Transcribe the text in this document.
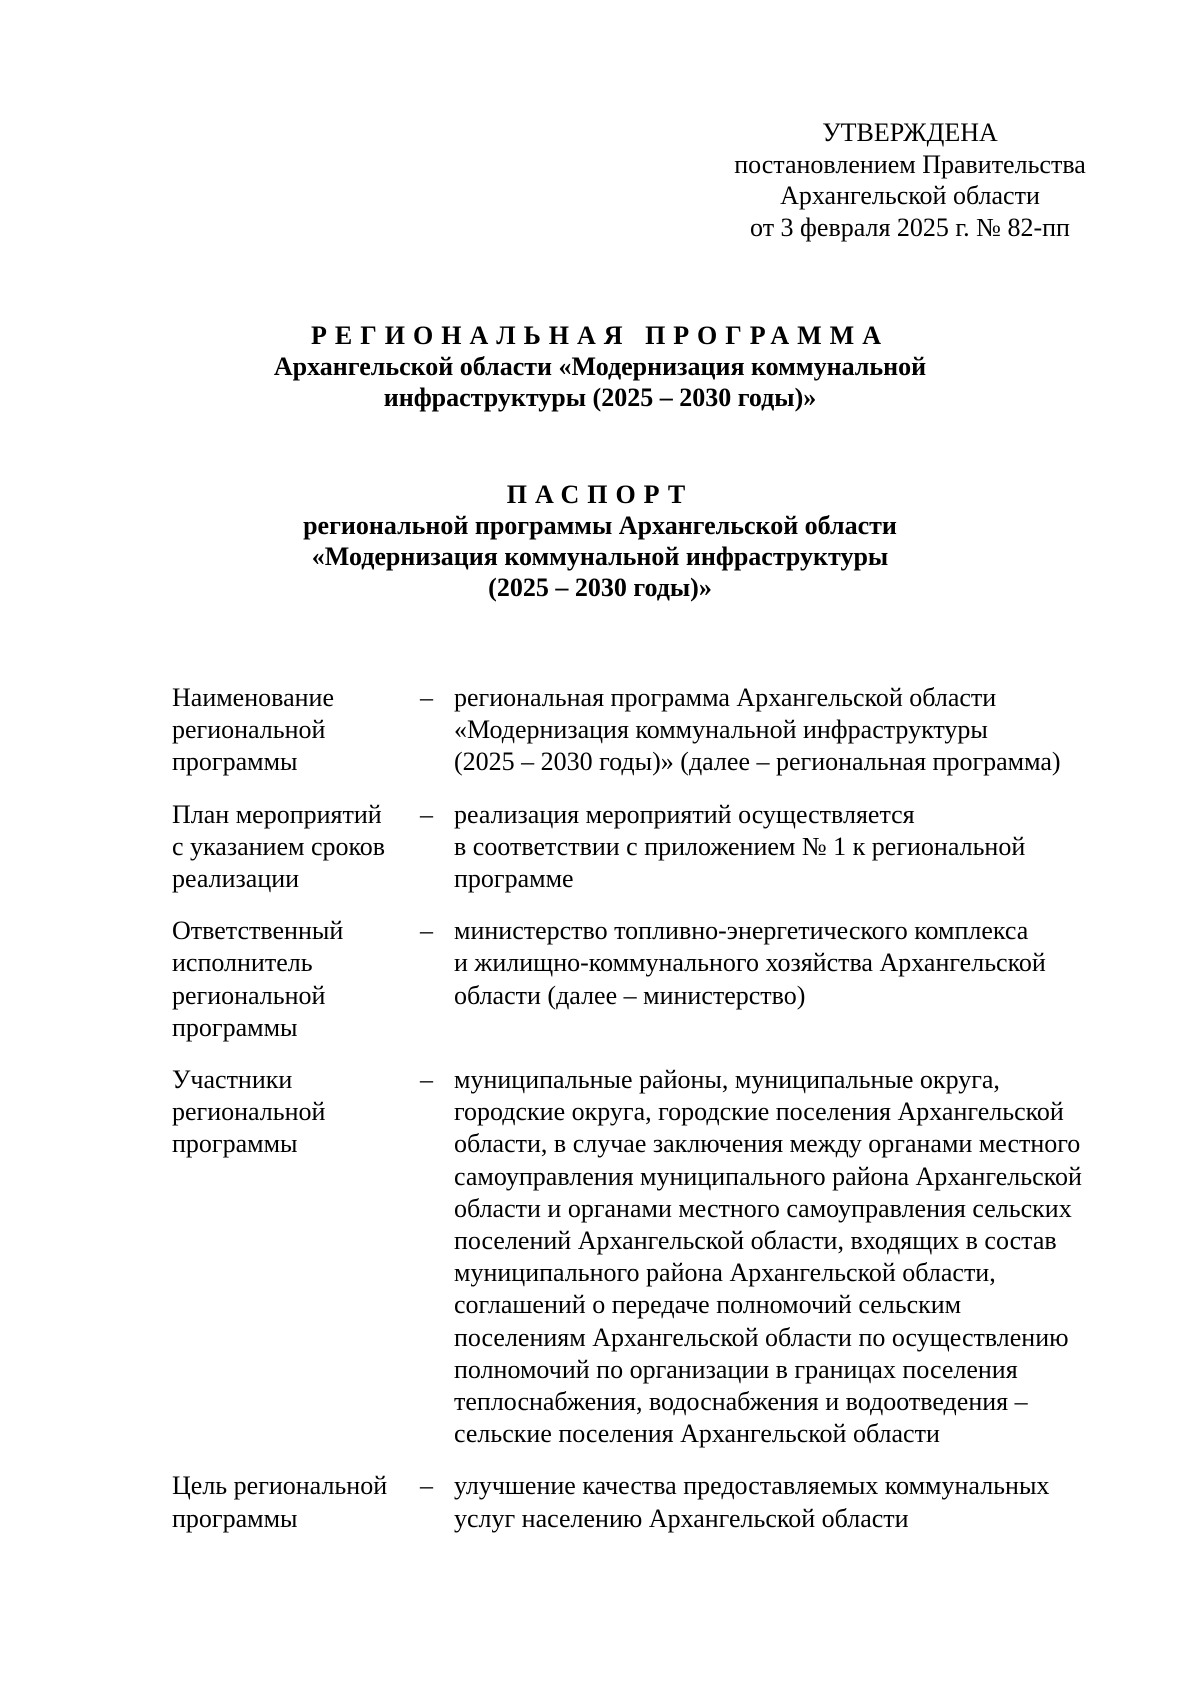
УТВЕРЖДЕНА
постановлением Правительства
Архангельской области
от 3 февраля 2025 г. № 82-пп
РЕГИОНАЛЬНАЯ ПРОГРАММА
Архангельской области «Модернизация коммунальной
инфраструктуры (2025 – 2030 годы)»
ПАСПОРТ
региональной программы Архангельской области
«Модернизация коммунальной инфраструктуры
(2025 – 2030 годы)»
Наименование
региональной
программы
– региональная программа Архангельской области
«Модернизация коммунальной инфраструктуры
(2025 – 2030 годы)» (далее – региональная программа)
План мероприятий
с указанием сроков
реализации
– реализация мероприятий осуществляется
в соответствии с приложением № 1 к региональной
программе
Ответственный
исполнитель
региональной
программы
– министерство топливно-энергетического комплекса
и жилищно-коммунального хозяйства Архангельской
области (далее – министерство)
Участники
региональной
программы
– муниципальные районы, муниципальные округа,
городские округа, городские поселения Архангельской
области, в случае заключения между органами местного
самоуправления муниципального района Архангельской
области и органами местного самоуправления сельских
поселений Архангельской области, входящих в состав
муниципального района Архангельской области,
соглашений о передаче полномочий сельским
поселениям Архангельской области по осуществлению
полномочий по организации в границах поселения
теплоснабжения, водоснабжения и водоотведения –
сельские поселения Архангельской области
Цель региональной
программы
– улучшение качества предоставляемых коммунальных
услуг населению Архангельской области
